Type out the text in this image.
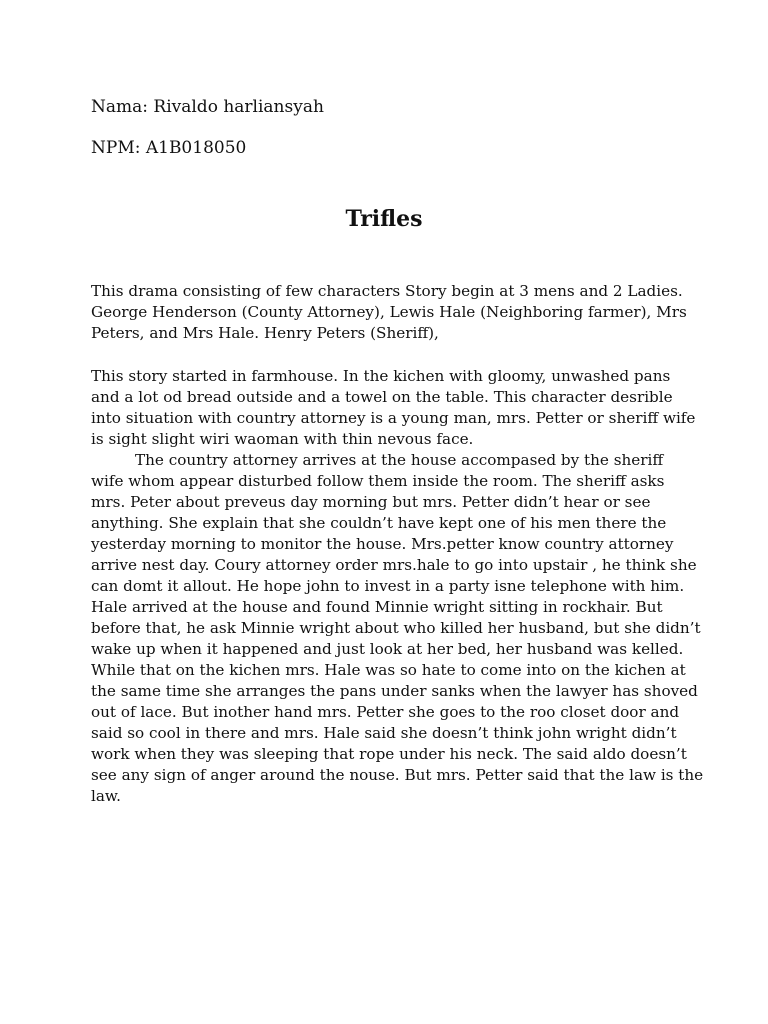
Nama: Rivaldo harliansyah
NPM: A1B018050
Trifles
This drama consisting of few characters Story begin at 3 mens and 2 Ladies.
George Henderson (County Attorney), Lewis Hale (Neighboring farmer), Mrs
Peters, and Mrs Hale. Henry Peters (Sheriff),
This story started in farmhouse. In the kichen with gloomy, unwashed pans
and a lot od bread outside and a towel on the table. This character desrible
into situation with country attorney is a young man, mrs. Petter or sheriff wife
is sight slight wiri waoman with thin nevous face.
The country attorney arrives at the house accompased by the sheriff
wife whom appear disturbed follow them inside the room. The sheriff asks
mrs. Peter about preveus day morning but mrs. Petter didn’t hear or see
anything. She explain that she couldn’t have kept one of his men there the
yesterday morning to monitor the house. Mrs.petter know country attorney
arrive nest day. Coury attorney order mrs.hale to go into upstair , he think she
can domt it allout. He hope john to invest in a party isne telephone with him.
Hale arrived at the house and found Minnie wright sitting in rockhair. But
before that, he ask Minnie wright about who killed her husband, but she didn’t
wake up when it happened and just look at her bed, her husband was kelled.
While that on the kichen mrs. Hale was so hate to come into on the kichen at
the same time she arranges the pans under sanks when the lawyer has shoved
out of lace. But inother hand mrs. Petter she goes to the roo closet door and
said so cool in there and mrs. Hale said she doesn’t think john wright didn’t
work when they was sleeping that rope under his neck. The said aldo doesn’t
see any sign of anger around the nouse. But mrs. Petter said that the law is the
law.
